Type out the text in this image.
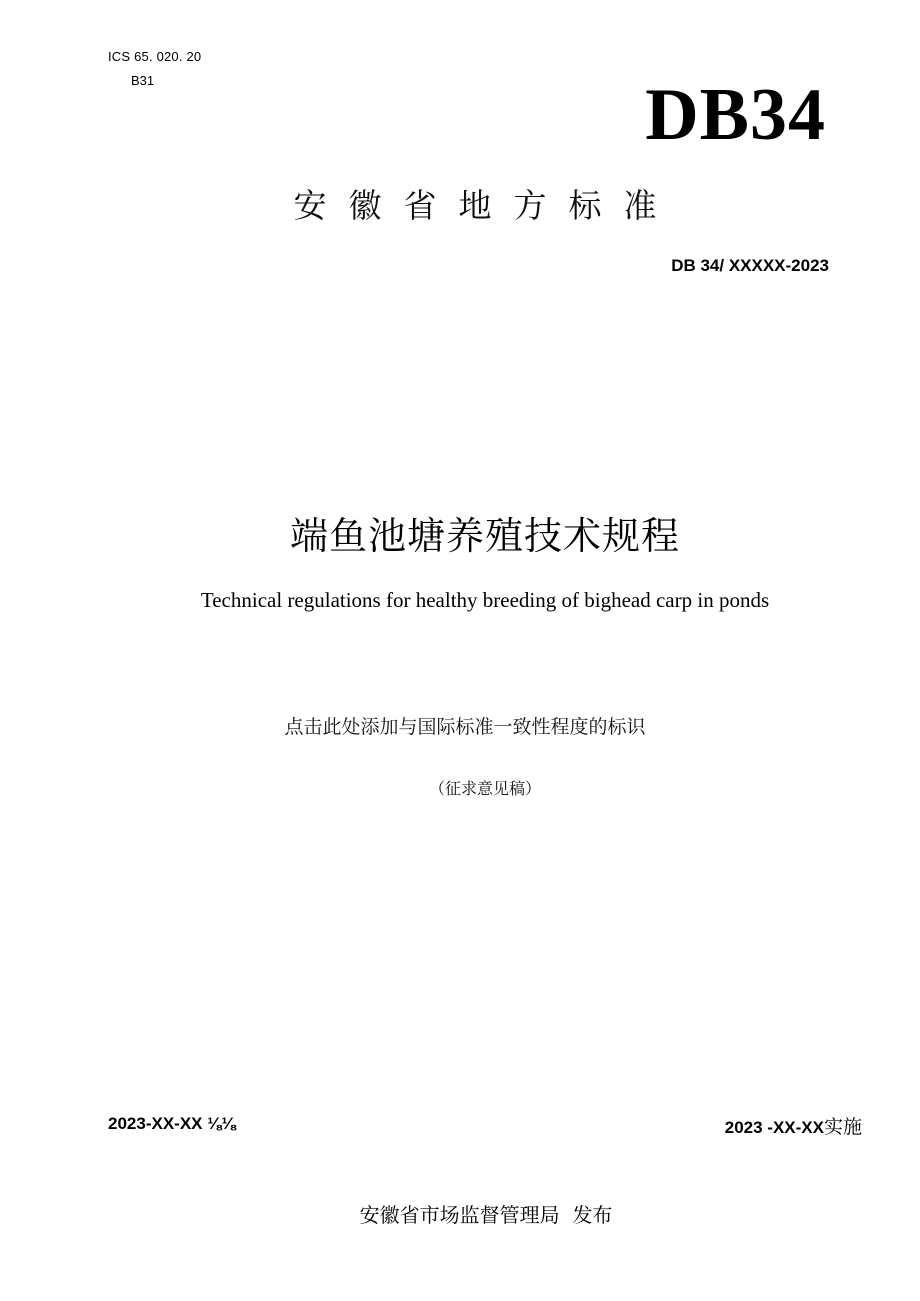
ICS 65. 020. 20
B31	DB34
安徽省地方标准
DB 34/ XXXXX-2023
端鱼池塘养殖技术规程
Technical regulations for healthy breeding of bighead carp in ponds
点击此处添加与国际标准一致性程度的标识
（征求意见稿）
2023-XX-XX ⅛⅛	2023 -XX-XX实施
安徽省市场监督管理局  发布
